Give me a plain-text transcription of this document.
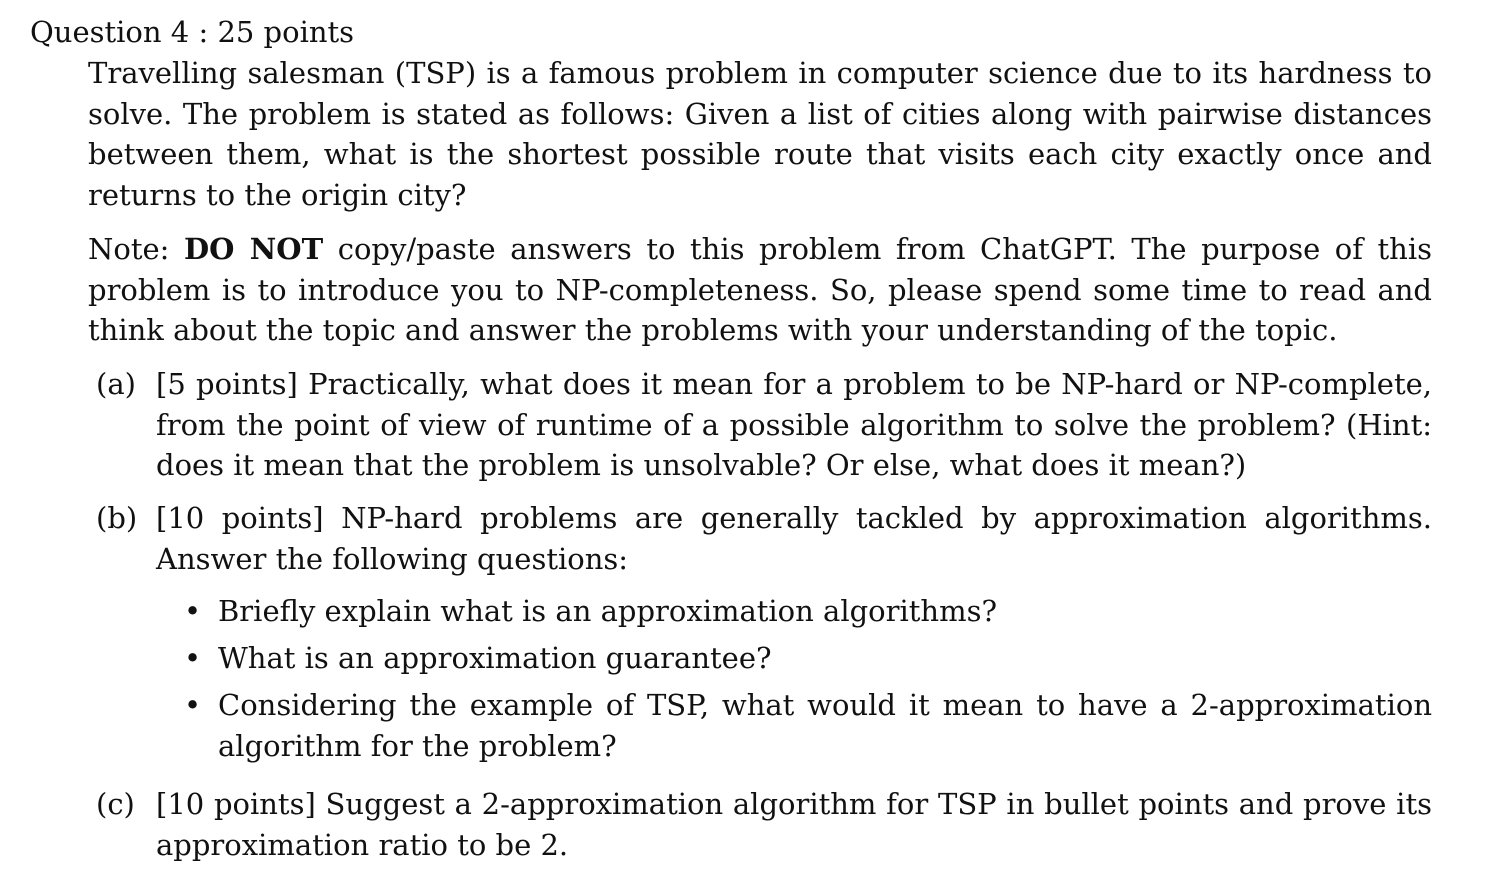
Question 4 : 25 points
Travelling salesman (TSP) is a famous problem in computer science due to its hardness to solve. The problem is stated as follows: Given a list of cities along with pairwise distances between them, what is the shortest possible route that visits each city exactly once and returns to the origin city?
Note: DO NOT copy/paste answers to this problem from ChatGPT. The purpose of this problem is to introduce you to NP-completeness. So, please spend some time to read and think about the topic and answer the problems with your understanding of the topic.
(a) [5 points] Practically, what does it mean for a problem to be NP-hard or NP-complete, from the point of view of runtime of a possible algorithm to solve the problem? (Hint: does it mean that the problem is unsolvable? Or else, what does it mean?)
(b) [10 points] NP-hard problems are generally tackled by approximation algorithms. Answer the following questions:
• Briefly explain what is an approximation algorithms?
• What is an approximation guarantee?
• Considering the example of TSP, what would it mean to have a 2-approximation algorithm for the problem?
(c) [10 points] Suggest a 2-approximation algorithm for TSP in bullet points and prove its approximation ratio to be 2.
